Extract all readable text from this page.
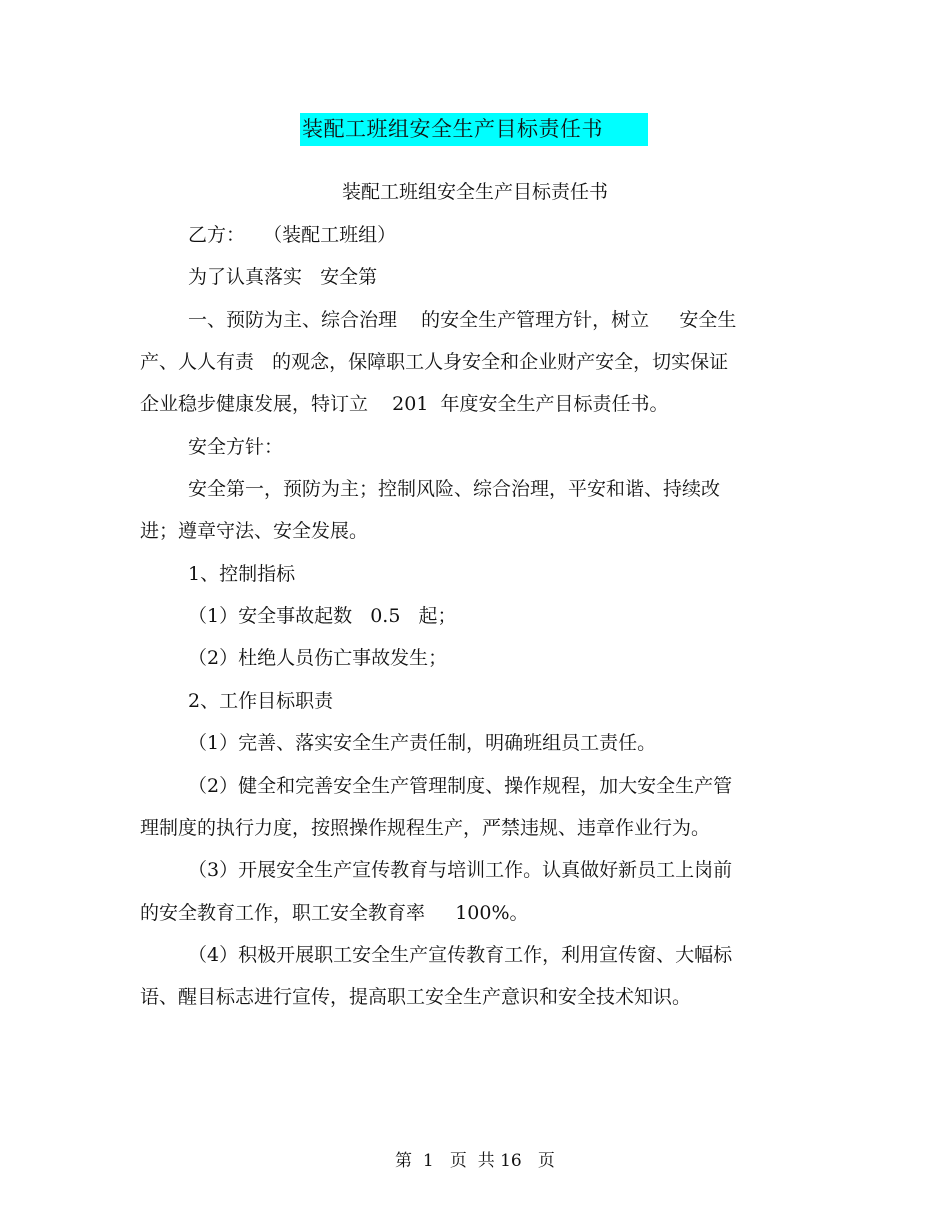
装配工班组安全生产目标责任书
装配工班组安全生产目标责任书
乙方：   （装配工班组）
为了认真落实   安全第
一、预防为主、综合治理    的安全生产管理方针，树立     安全生
产、人人有责   的观念，保障职工人身安全和企业财产安全，切实保证
企业稳步健康发展，特订立    201  年度安全生产目标责任书。
安全方针：
安全第一，预防为主；控制风险、综合治理，平安和谐、持续改
进；遵章守法、安全发展。
1、控制指标
（1）安全事故起数   0.5   起；
（2）杜绝人员伤亡事故发生；
2、工作目标职责
（1）完善、落实安全生产责任制，明确班组员工责任。
（2）健全和完善安全生产管理制度、操作规程，加大安全生产管
理制度的执行力度，按照操作规程生产，严禁违规、违章作业行为。
（3）开展安全生产宣传教育与培训工作。认真做好新员工上岗前
的安全教育工作，职工安全教育率     100%。
（4）积极开展职工安全生产宣传教育工作，利用宣传窗、大幅标
语、醒目标志进行宣传，提高职工安全生产意识和安全技术知识。
第  1   页  共 16   页
